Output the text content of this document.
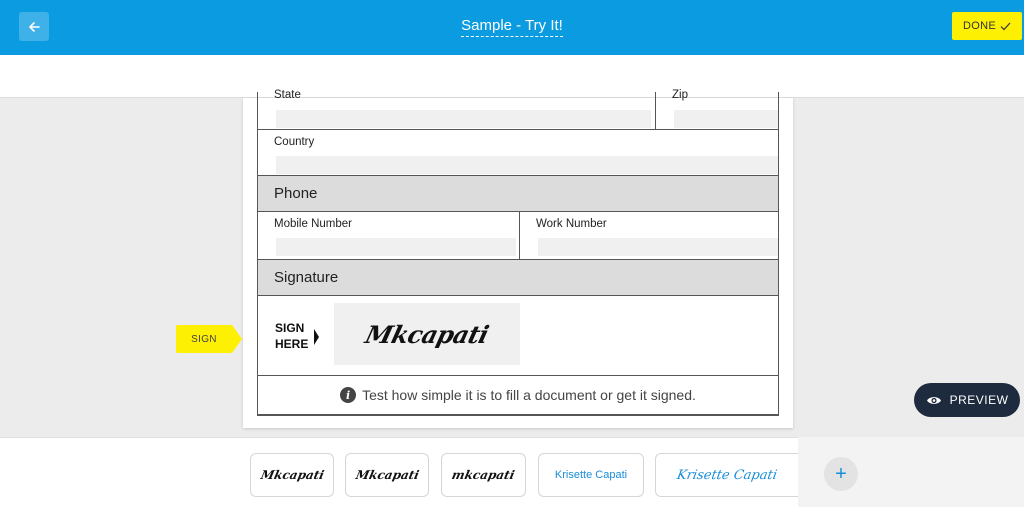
Sample - Try It!	DONE
State	Zip
Country
Phone
Mobile Number	Work Number
Signature
SIGN
HERE Mkcapati
i Test how simple it is to fill a document or get it signed.
SIGN
PREVIEW
Mkcapati Mkcapati	mkcapati	Krisette Capati	Krisette Capati	+
